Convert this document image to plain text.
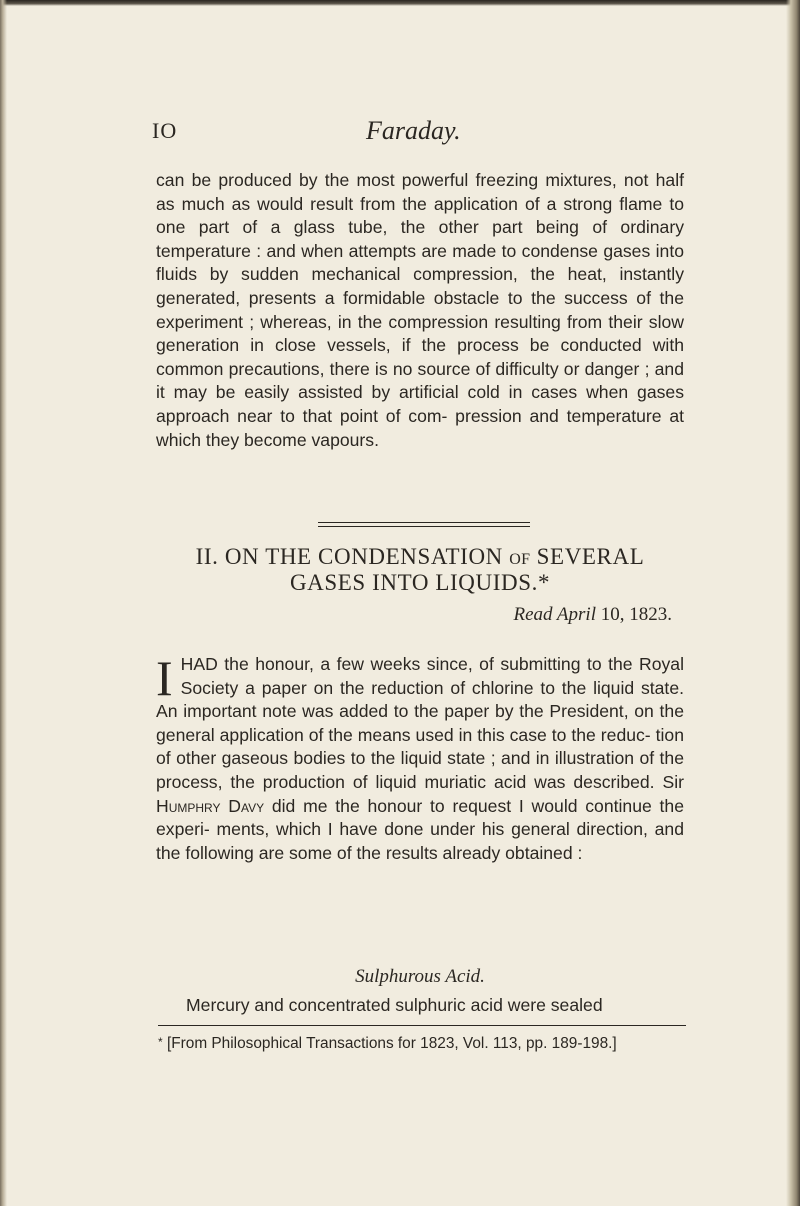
IO	Faraday.

can be produced by the most powerful freezing mixtures, not half as much as would result from the application of a strong flame to one part of a glass tube, the other part being of ordinary temperature : and when attempts are made to condense gases into fluids by sudden mechanical compression, the heat, instantly generated, presents a formidable obstacle to the success of the experiment ; whereas, in the compression resulting from their slow generation in close vessels, if the process be conducted with common precautions, there is no source of difficulty or danger ; and it may be easily assisted by artificial cold in cases when gases approach near to that point of com- pression and temperature at which they become vapours.

II. ON THE CONDENSATION OF SEVERAL
GASES INTO LIQUIDS.*
Read April 10, 1823.

I HAD the honour, a few weeks since, of submitting to the Royal Society a paper on the reduction of chlorine to the liquid state. An important note was added to the paper by the President, on the general application of the means used in this case to the reduc- tion of other gaseous bodies to the liquid state ; and in illustration of the process, the production of liquid muriatic acid was described. Sir Humphry Davy did me the honour to request I would continue the experi- ments, which I have done under his general direction, and the following are some of the results already obtained :

Sulphurous Acid.

Mercury and concentrated sulphuric acid were sealed

* [From Philosophical Transactions for 1823, Vol. 113, pp. 189-198.]
